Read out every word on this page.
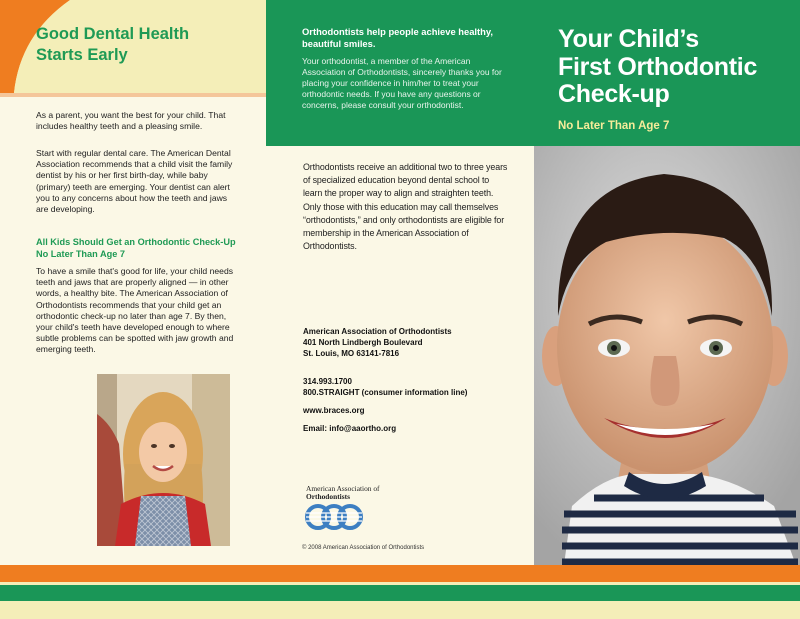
Good Dental Health
Starts Early

As a parent, you want the best for your child. That includes healthy teeth and a pleasing smile.

Start with regular dental care. The American Dental Association recommends that a child visit the family dentist by his or her first birth-day, while baby (primary) teeth are emerging. Your dentist can alert you to any concerns about how the teeth and jaws are developing.

All Kids Should Get an Orthodontic Check-Up
No Later Than Age 7

To have a smile that's good for life, your child needs teeth and jaws that are properly aligned — in other words, a healthy bite. The American Association of Orthodontists recommends that your child get an orthodontic check-up no later than age 7. By then, your child's teeth have developed enough to where subtle problems can be spotted with jaw growth and emerging teeth.

Orthodontists help people achieve healthy, beautiful smiles.
Your orthodontist, a member of the American Association of Orthodontists, sincerely thanks you for placing your confidence in him/her to treat your orthodontic needs. If you have any questions or concerns, please consult your orthodontist.

Orthodontists receive an additional two to three years of specialized education beyond dental school to learn the proper way to align and straighten teeth. Only those with this education may call themselves “orthodontists,” and only orthodontists are eligible for membership in the American Association of Orthodontists.

American Association of Orthodontists
401 North Lindbergh Boulevard
St. Louis, MO 63141-7816
314.993.1700
800.STRAIGHT (consumer information line)
www.braces.org
Email: info@aaortho.org
American Association of
Orthodontists
© 2008 American Association of Orthodontists
Your Child’s
First Orthodontic
Check-up
No Later Than Age 7
